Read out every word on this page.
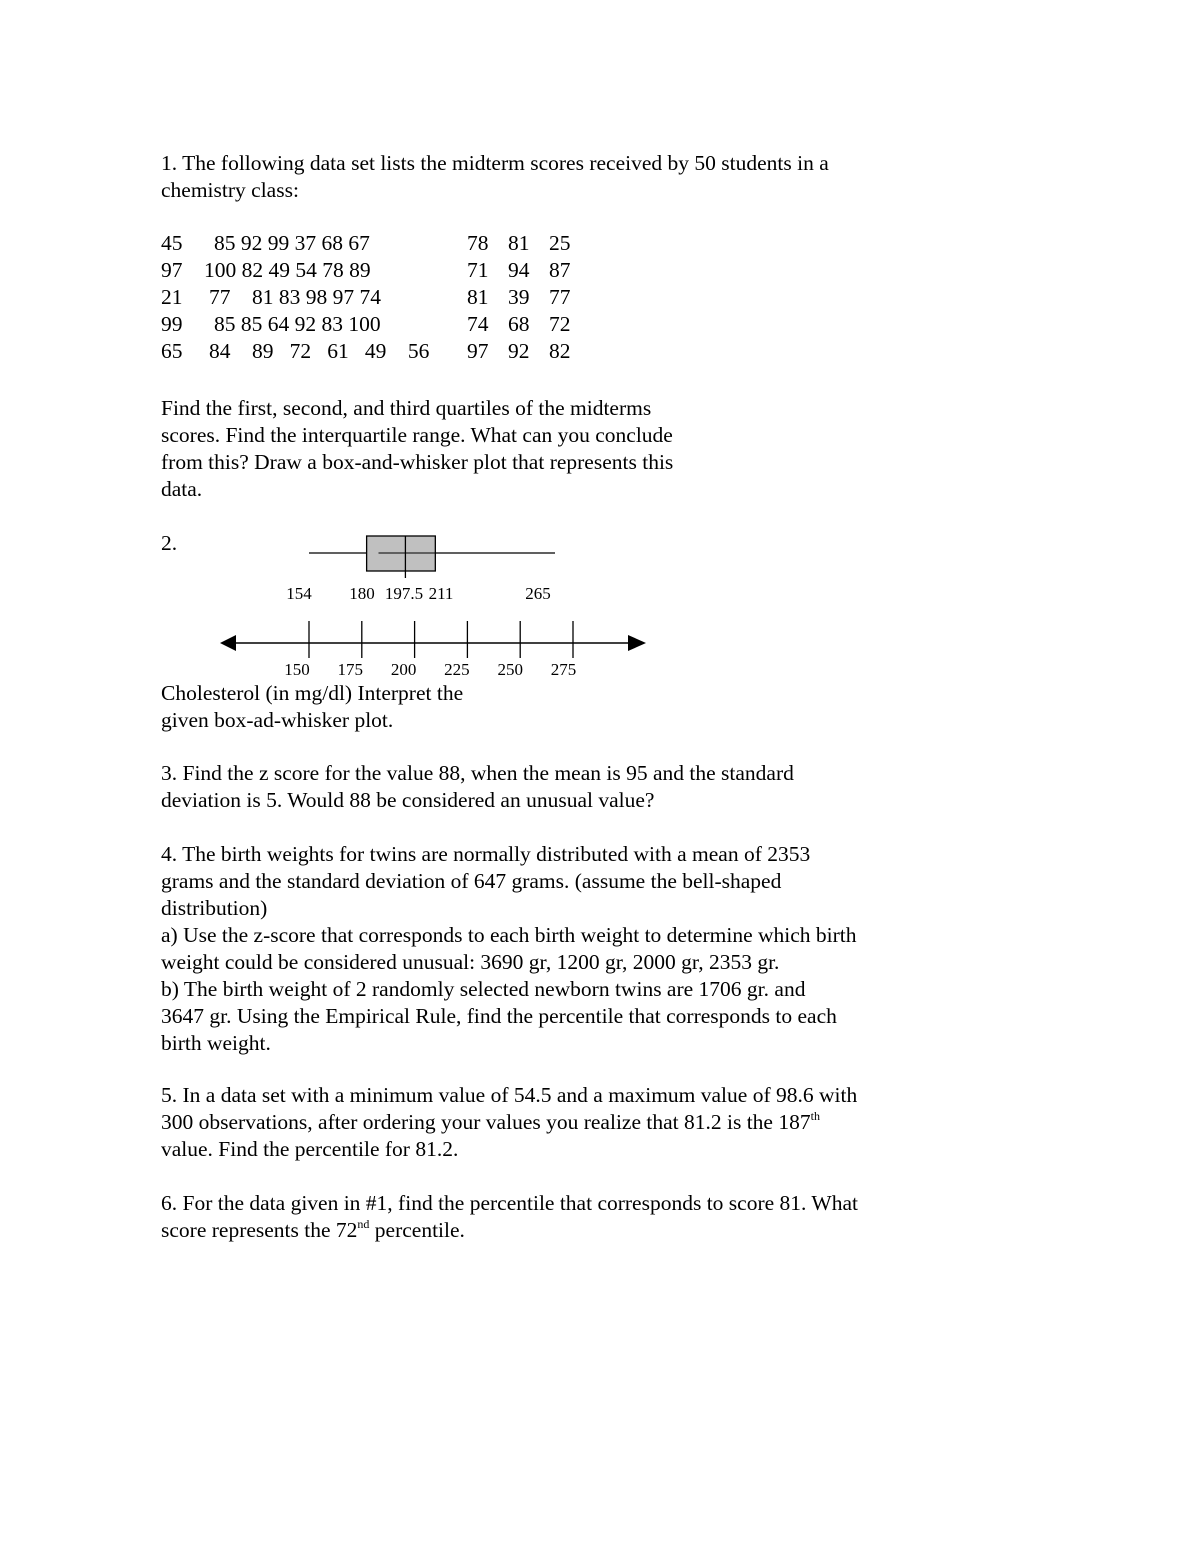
1. The following data set lists the midterm scores received by 50 students in a
chemistry class:
45 85 92 99 37 68 67	78 81 25
97 100 82 49 54 78 89	71 94 87
21 77    81 83 98 97 74	81 39 77
99 85 85 64 92 83 100	74 68 72
65 84    89   72   61   49    56 97 92 82
Find the first, second, and third quartiles of the midterms
scores. Find the interquartile range. What can you conclude
from this? Draw a box-and-whisker plot that represents this
data.
2.
154 180 197.5 211	265
150 175 200 225 250 275
Cholesterol (in mg/dl) Interpret the
given box-ad-whisker plot.
3. Find the z score for the value 88, when the mean is 95 and the standard
deviation is 5. Would 88 be considered an unusual value?
4. The birth weights for twins are normally distributed with a mean of 2353
grams and the standard deviation of 647 grams. (assume the bell-shaped
distribution)
a) Use the z-score that corresponds to each birth weight to determine which birth
weight could be considered unusual: 3690 gr, 1200 gr, 2000 gr, 2353 gr.
b) The birth weight of 2 randomly selected newborn twins are 1706 gr. and
3647 gr. Using the Empirical Rule, find the percentile that corresponds to each
birth weight.
5. In a data set with a minimum value of 54.5 and a maximum value of 98.6 with
300 observations, after ordering your values you realize that 81.2 is the 187th
value. Find the percentile for 81.2.
6. For the data given in #1, find the percentile that corresponds to score 81. What
score represents the 72nd percentile.
